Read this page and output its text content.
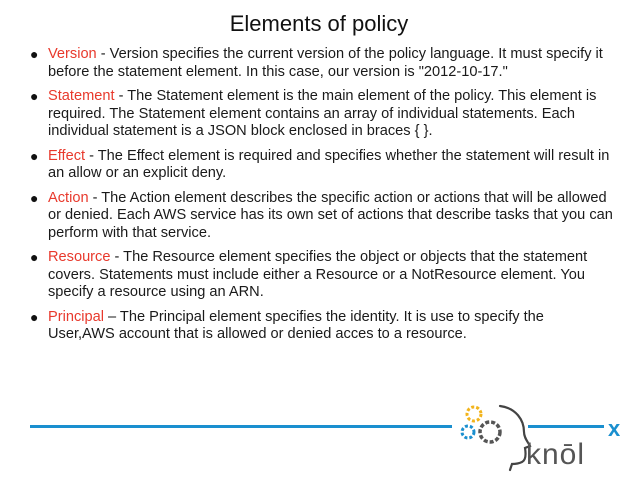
Elements of policy
● Version - Version specifies the current version of the policy language. It must specify it before the statement element. In this case, our version is "2012-10-17."
● Statement - The Statement element is the main element of the policy. This element is required. The Statement element contains an array of individual statements. Each individual statement is a JSON block enclosed in braces { }.
● Effect - The Effect element is required and specifies whether the statement will result in an allow or an explicit deny.
● Action - The Action element describes the specific action or actions that will be allowed or denied. Each AWS service has its own set of actions that describe tasks that you can perform with that service.
● Resource - The Resource element specifies the object or objects that the statement covers. Statements must include either a Resource or a NotResource element. You specify a resource using an ARN.
● Principal – The Principal element specifies the identity. It is use to specify the User,AWS account that is allowed or denied acces to a resource.
knōl
x
